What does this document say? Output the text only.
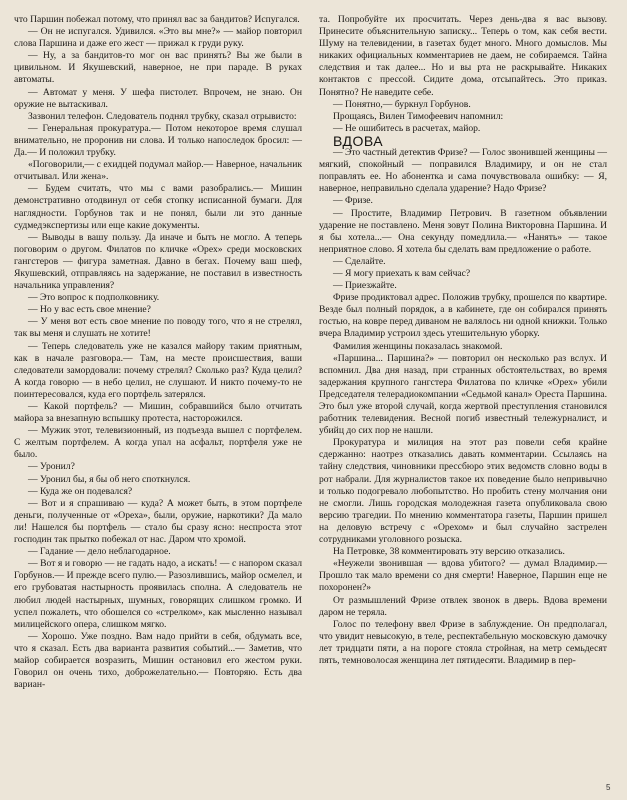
что Паршин побежал потому, что принял вас за бандитов? Испугался.

— Он не испугался. Удивился. «Это вы мне?» — майор повторил слова Паршина и даже его жест — прижал к груди руку.

— Ну, а за бандитов-то мог он вас принять? Вы же были в цивильном. И Якушевский, наверное, не при параде. В руках автоматы.

— Автомат у меня. У шефа пистолет. Впрочем, не знаю. Он оружие не вытаскивал.

Зазвонил телефон. Следователь поднял трубку, сказал отрывисто:

— Генеральная прокуратура.— Потом некоторое время слушал внимательно, не проронив ни слова. И только напоследок бросил: — Да.— И положил трубку.

«Поговорили,— с ехидцей подумал майор.— Наверное, начальник отчитывал. Или жена».

— Будем считать, что мы с вами разобрались.— Мишин демонстративно отодвинул от себя стопку исписанной бумаги. Для наглядности. Горбунов так и не понял, были ли это данные судмедэкспертизы или еще какие документы.

— Выводы в вашу пользу. Да иначе и быть не могло. А теперь поговорим о другом. Филатов по кличке «Орех» среди московских гангстеров — фигура заметная. Давно в бегах. Почему ваш шеф, Якушевский, отправляясь на задержание, не поставил в известность начальника управления?

— Это вопрос к подполковнику.

— Но у вас есть свое мнение?

— У меня вот есть свое мнение по поводу того, что я не стрелял, так вы меня и слушать не хотите!

— Теперь следователь уже не казался майору таким приятным, как в начале разговора.— Там, на месте происшествия, ваши следователи замордовали: почему стрелял? Сколько раз? Куда целил? А когда говорю — в небо целил, не слушают. И никто почему-то не поинтересовался, куда его портфель затерялся.

— Какой портфель? — Мишин, собравшийся было отчитать майора за внезапную вспышку протеста, насторожился.

— Мужик этот, телевизионный, из подъезда вышел с портфелем. С желтым портфелем. А когда упал на асфальт, портфеля уже не было.

— Уронил?

— Уронил бы, я бы об него споткнулся.

— Куда же он подевался?

— Вот и я спрашиваю — куда? А может быть, в этом портфеле деньги, полученные от «Ореха», были, оружие, наркотики? Да мало ли! Нашелся бы портфель — стало бы сразу ясно: неспроста этот господин так прытко побежал от нас. Даром что хромой.

— Гадание — дело неблагодарное.

— Вот я и говорю — не гадать надо, а искать! — с напором сказал Горбунов.— И прежде всего пулю.— Разозлившись, майор осмелел, и его грубоватая настырность проявилась сполна. А следователь не любил людей настырных, шумных, говорящих слишком громко. И успел пожалеть, что обошелся со «стрелком», как мысленно называл милицейского опера, слишком мягко.

— Хорошо. Уже поздно. Вам надо прийти в себя, обдумать все, что я сказал. Есть два варианта развития событий...— Заметив, что майор собирается возразить, Мишин остановил его жестом руки. Говорил он очень тихо, доброжелательно.— Повторяю. Есть два вариан-

та. Попробуйте их просчитать. Через день-два я вас вызову. Принесите объяснительную записку... Теперь о том, как себя вести. Шуму на телевидении, в газетах будет много. Много домыслов. Мы никаких официальных комментариев не даем, не собираемся. Тайна следствия и так далее... Но и вы рта не раскрывайте. Никаких контактов с прессой. Сидите дома, отсыпайтесь. Это приказ. Понятно? Не наведите себе.

— Понятно,— буркнул Горбунов.

Прощаясь, Вилен Тимофеевич напомнил:

— Не ошибитесь в расчетах, майор.

ВДОВА

— Это частный детектив Фризе? — Голос звонившей женщины — мягкий, спокойный — поправился Владимиру, и он не стал поправлять ее. Но абонентка и сама почувствовала ошибку: — Я, наверное, неправильно сделала ударение? Надо Фризе?

— Фризе.

— Простите, Владимир Петрович. В газетном объявлении ударение не поставлено. Меня зовут Полина Викторовна Паршина. И я бы хотела...— Она секунду помедлила.— «Нанять» — такое неприятное слово. Я хотела бы сделать вам предложение о работе.

— Сделайте.

— Я могу приехать к вам сейчас?

— Приезжайте.

Фризе продиктовал адрес. Положив трубку, прошелся по квартире. Везде был полный порядок, а в кабинете, где он собирался принять гостью, на ковре перед диваном не валялось ни одной книжки. Только вчера Владимир устроил здесь утешительную уборку.

Фамилия женщины показалась знакомой.

«Паршина... Паршина?» — повторил он несколько раз вслух. И вспомнил. Два дня назад, при странных обстоятельствах, во время задержания крупного гангстера Филатова по кличке «Орех» убили Председателя телерадиокомпании «Седьмой канал» Ореста Паршина. Это был уже второй случай, когда жертвой преступления становился работник телевидения. Весной погиб известный тележурналист, и убийц до сих пор не нашли.

Прокуратура и милиция на этот раз повели себя крайне сдержанно: наотрез отказались давать комментарии. Ссылаясь на тайну следствия, чиновники прессбюро этих ведомств словно воды в рот набрали. Для журналистов такое их поведение было непривычно и только подогревало любопытство. Но пробить стену молчания они не смогли. Лишь городская молодежная газета опубликовала свою версию трагедии. По мнению комментатора газеты, Паршин пришел на деловую встречу с «Орехом» и был случайно застрелен сотрудниками уголовного розыска.

На Петровке, 38 комментировать эту версию отказались.

«Неужели звонившая — вдова убитого? — думал Владимир.— Прошло так мало времени со дня смерти! Наверное, Паршин еще не похоронен?»

От размышлений Фризе отвлек звонок в дверь. Вдова времени даром не теряла.

Голос по телефону ввел Фризе в заблуждение. Он предполагал, что увидит невысокую, в теле, респектабельную московскую дамочку лет тридцати пяти, а на пороге стояла стройная, на метр семьдесят пять, темноволосая женщина лет пятидесяти. Владимир в пер-

5
